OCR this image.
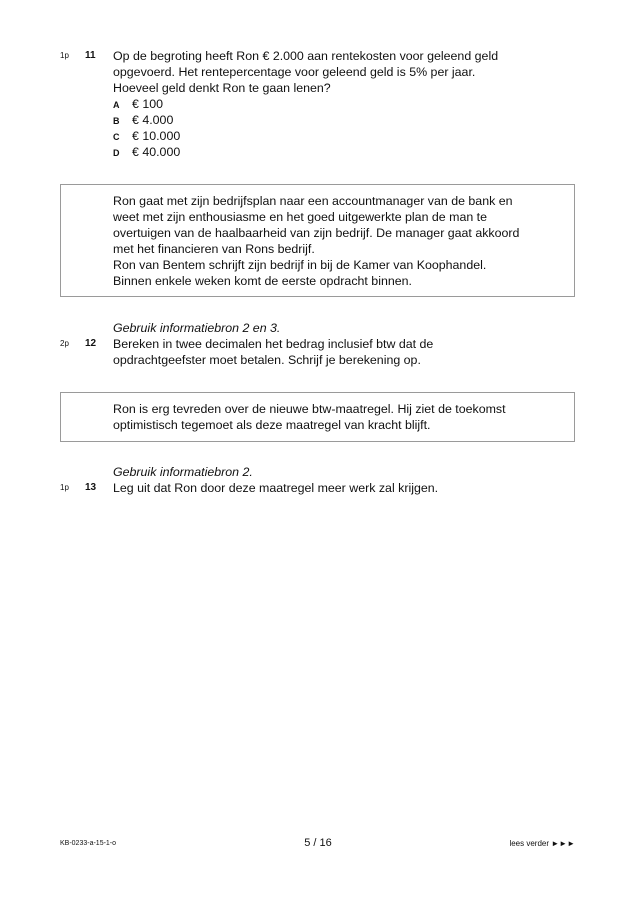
1p 11 Op de begroting heeft Ron € 2.000 aan rentekosten voor geleend geld
opgevoerd. Het rentepercentage voor geleend geld is 5% per jaar.
Hoeveel geld denkt Ron te gaan lenen?
A € 100
B € 4.000
C € 10.000
D € 40.000
Ron gaat met zijn bedrijfsplan naar een accountmanager van de bank en
weet met zijn enthousiasme en het goed uitgewerkte plan de man te
overtuigen van de haalbaarheid van zijn bedrijf. De manager gaat akkoord
met het financieren van Rons bedrijf.
Ron van Bentem schrijft zijn bedrijf in bij de Kamer van Koophandel.
Binnen enkele weken komt de eerste opdracht binnen.
Gebruik informatiebron 2 en 3.
2p 12 Bereken in twee decimalen het bedrag inclusief btw dat de
opdrachtgeefster moet betalen. Schrijf je berekening op.
Ron is erg tevreden over de nieuwe btw-maatregel. Hij ziet de toekomst
optimistisch tegemoet als deze maatregel van kracht blijft.
Gebruik informatiebron 2.
1p 13 Leg uit dat Ron door deze maatregel meer werk zal krijgen.
KB-0233-a-15-1-o	5 / 16	lees verder ►►►
